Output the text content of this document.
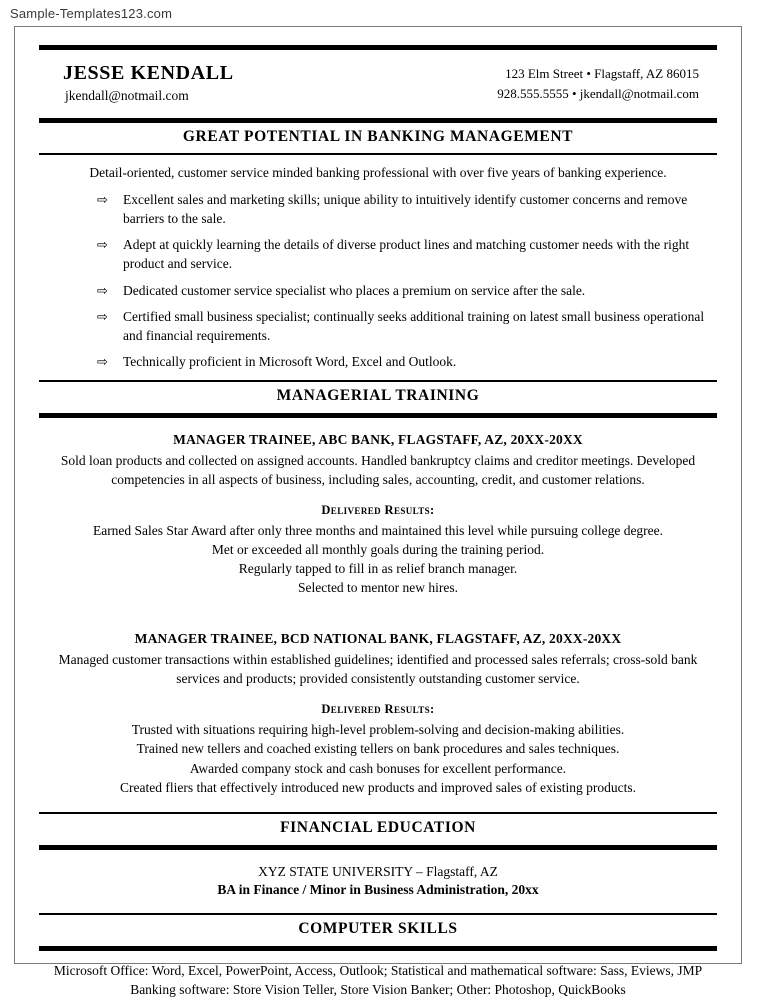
Sample-Templates123.com
JESSE KENDALL
jkendall@notmail.com
123 Elm Street • Flagstaff, AZ 86015
928.555.5555 • jkendall@notmail.com
GREAT POTENTIAL IN BANKING MANAGEMENT
Detail-oriented, customer service minded banking professional with over five years of banking experience.
⇨ Excellent sales and marketing skills; unique ability to intuitively identify customer concerns and remove barriers to the sale.
⇨ Adept at quickly learning the details of diverse product lines and matching customer needs with the right product and service.
⇨ Dedicated customer service specialist who places a premium on service after the sale.
⇨ Certified small business specialist; continually seeks additional training on latest small business operational and financial requirements.
⇨ Technically proficient in Microsoft Word, Excel and Outlook.
MANAGERIAL TRAINING
MANAGER TRAINEE, ABC BANK, FLAGSTAFF, AZ, 20XX-20XX
Sold loan products and collected on assigned accounts. Handled bankruptcy claims and creditor meetings. Developed competencies in all aspects of business, including sales, accounting, credit, and customer relations.
Delivered Results:
Earned Sales Star Award after only three months and maintained this level while pursuing college degree.
Met or exceeded all monthly goals during the training period.
Regularly tapped to fill in as relief branch manager.
Selected to mentor new hires.
MANAGER TRAINEE, BCD NATIONAL BANK, FLAGSTAFF, AZ, 20XX-20XX
Managed customer transactions within established guidelines; identified and processed sales referrals; cross-sold bank services and products; provided consistently outstanding customer service.
Delivered Results:
Trusted with situations requiring high-level problem-solving and decision-making abilities.
Trained new tellers and coached existing tellers on bank procedures and sales techniques.
Awarded company stock and cash bonuses for excellent performance.
Created fliers that effectively introduced new products and improved sales of existing products.
FINANCIAL EDUCATION
XYZ STATE UNIVERSITY – Flagstaff, AZ
BA in Finance / Minor in Business Administration, 20xx
COMPUTER SKILLS
Microsoft Office: Word, Excel, PowerPoint, Access, Outlook; Statistical and mathematical software: Sass, Eviews, JMP
Banking software: Store Vision Teller, Store Vision Banker; Other: Photoshop, QuickBooks
